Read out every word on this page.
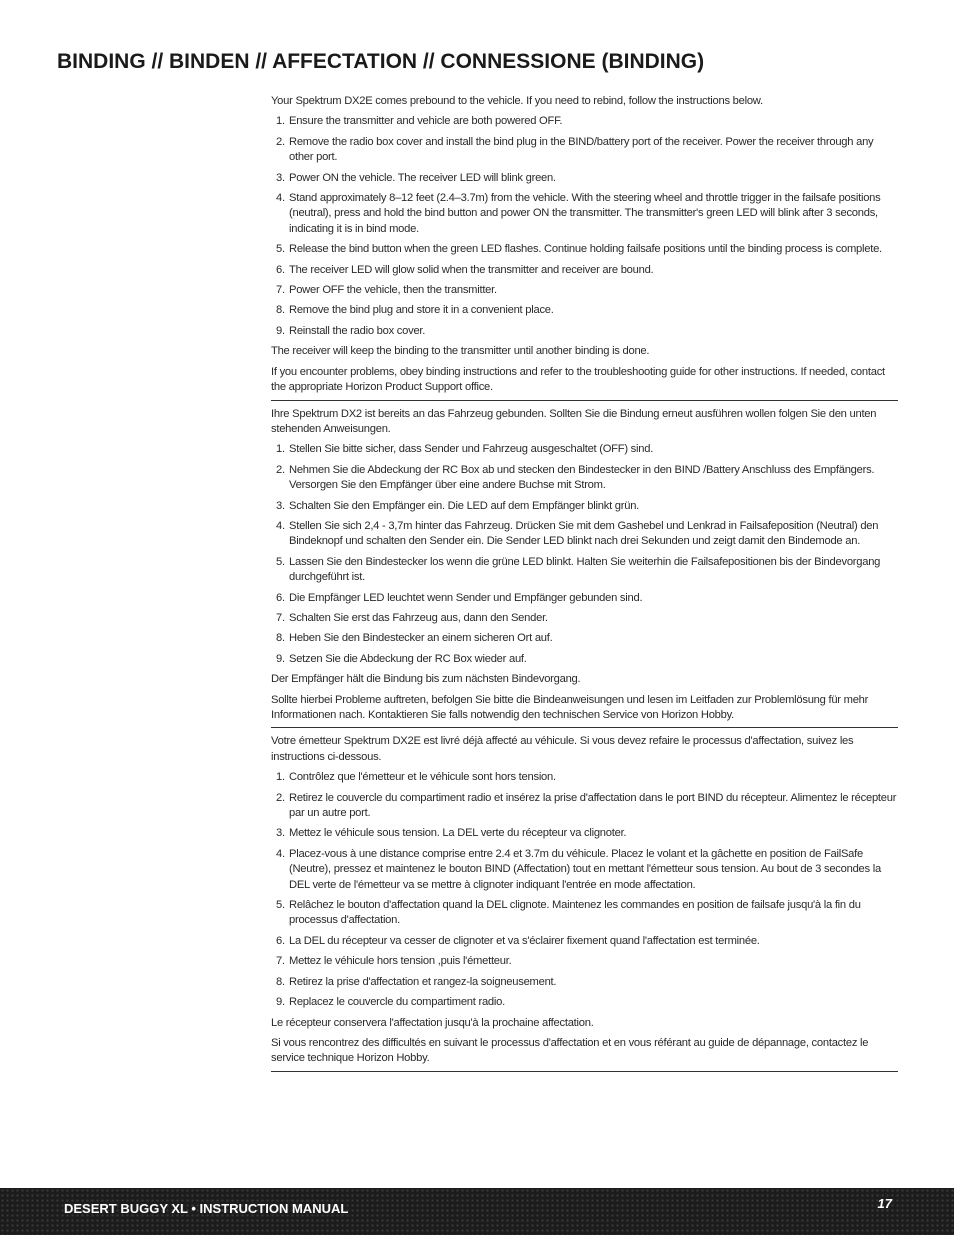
BINDING // BINDEN // AFFECTATION // CONNESSIONE (BINDING)

Your Spektrum DX2E comes prebound to the vehicle. If you need to rebind, follow the instructions below.

1. Ensure the transmitter and vehicle are both powered OFF.
2. Remove the radio box cover and install the bind plug in the BIND/battery port of the receiver. Power the receiver through any other port.
3. Power ON the vehicle. The receiver LED will blink green.
4. Stand approximately 8–12 feet (2.4–3.7m) from the vehicle. With the steering wheel and throttle trigger in the failsafe positions (neutral), press and hold the bind button and power ON the transmitter. The transmitter's green LED will blink after 3 seconds, indicating it is in bind mode.
5. Release the bind button when the green LED flashes. Continue holding failsafe positions until the binding process is complete.
6. The receiver LED will glow solid when the transmitter and receiver are bound.
7. Power OFF the vehicle, then the transmitter.
8. Remove the bind plug and store it in a convenient place.
9. Reinstall the radio box cover.

The receiver will keep the binding to the transmitter until another binding is done.

If you encounter problems, obey binding instructions and refer to the troubleshooting guide for other instructions. If needed, contact the appropriate Horizon Product Support office.

Ihre Spektrum DX2 ist bereits an das Fahrzeug gebunden. Sollten Sie die Bindung erneut ausführen wollen folgen Sie den unten stehenden Anweisungen.

1. Stellen Sie bitte sicher, dass Sender und Fahrzeug ausgeschaltet (OFF) sind.
2. Nehmen Sie die Abdeckung der RC Box ab und stecken den Bindestecker in den BIND /Battery Anschluss des Empfängers. Versorgen Sie den Empfänger über eine andere Buchse mit Strom.
3. Schalten Sie den Empfänger ein. Die LED auf dem Empfänger blinkt grün.
4. Stellen Sie sich 2,4 - 3,7m hinter das Fahrzeug. Drücken Sie mit dem Gashebel und Lenkrad in Failsafeposition (Neutral) den Bindeknopf und schalten den Sender ein. Die Sender LED blinkt nach drei Sekunden und zeigt damit den Bindemode an.
5. Lassen Sie den Bindestecker los wenn die grüne LED blinkt. Halten Sie weiterhin die Failsafepositionen bis der Bindevorgang durchgeführt ist.
6. Die Empfänger LED leuchtet wenn Sender und Empfänger gebunden sind.
7. Schalten Sie erst das Fahrzeug aus, dann den Sender.
8. Heben Sie den Bindestecker an einem sicheren Ort auf.
9. Setzen Sie die Abdeckung der RC Box wieder auf.

Der Empfänger hält die Bindung bis zum nächsten Bindevorgang.

Sollte hierbei Probleme auftreten, befolgen Sie bitte die Bindeanweisungen und lesen im Leitfaden zur Problemlösung für mehr Informationen nach. Kontaktieren Sie falls notwendig den technischen Service von Horizon Hobby.

Votre émetteur Spektrum DX2E est livré déjà affecté au véhicule. Si vous devez refaire le processus d'affectation, suivez les instructions ci-dessous.

1. Contrôlez que l'émetteur et le véhicule sont hors tension.
2. Retirez le couvercle du compartiment radio et insérez la prise d'affectation dans le port BIND du récepteur. Alimentez le récepteur par un autre port.
3. Mettez le véhicule sous tension. La DEL verte du récepteur va clignoter.
4. Placez-vous à une distance comprise entre 2.4 et 3.7m du véhicule. Placez le volant et la gâchette en position de FailSafe (Neutre), pressez et maintenez le bouton BIND (Affectation) tout en mettant l'émetteur sous tension. Au bout de 3 secondes la DEL verte de l'émetteur va se mettre à clignoter indiquant l'entrée en mode affectation.
5. Relâchez le bouton d'affectation quand la DEL clignote. Maintenez les commandes en position de failsafe jusqu'à la fin du processus d'affectation.
6. La DEL du récepteur va cesser de clignoter et va s'éclairer fixement quand l'affectation est terminée.
7. Mettez le véhicule hors tension ,puis l'émetteur.
8. Retirez la prise d'affectation et rangez-la soigneusement.
9. Replacez le couvercle du compartiment radio.

Le récepteur conservera l'affectation jusqu'à la prochaine affectation.

Si vous rencontrez des difficultés en suivant le processus d'affectation et en vous référant au guide de dépannage, contactez le service technique Horizon Hobby.

DESERT BUGGY XL • INSTRUCTION MANUAL	17
